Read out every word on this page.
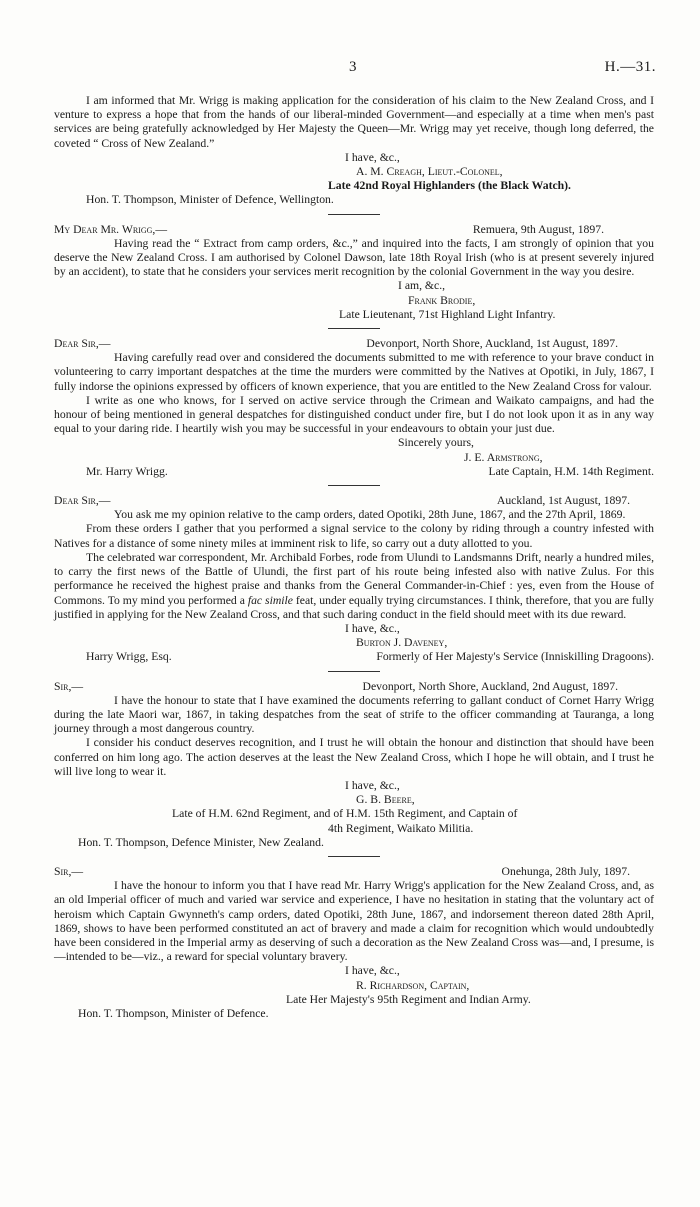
3	H.—31.

I am informed that Mr. Wrigg is making application for the consideration of his claim to the New Zealand Cross, and I venture to express a hope that from the hands of our liberal-minded Government—and especially at a time when men's past services are being gratefully acknowledged by Her Majesty the Queen—Mr. Wrigg may yet receive, though long deferred, the coveted “ Cross of New Zealand.”

I have, &c.,

A. M. Creagh, Lieut.-Colonel,

Late 42nd Royal Highlanders (the Black Watch).

Hon. T. Thompson, Minister of Defence, Wellington.

My Dear Mr. Wrigg,—	Remuera, 9th August, 1897.

Having read the “ Extract from camp orders, &c.,” and inquired into the facts, I am strongly of opinion that you deserve the New Zealand Cross. I am authorised by Colonel Dawson, late 18th Royal Irish (who is at present severely injured by an accident), to state that he considers your services merit recognition by the colonial Government in the way you desire.

I am, &c.,

Frank Brodie,

Late Lieutenant, 71st Highland Light Infantry.

Dear Sir,—	Devonport, North Shore, Auckland, 1st August, 1897.

Having carefully read over and considered the documents submitted to me with reference to your brave conduct in volunteering to carry important despatches at the time the murders were committed by the Natives at Opotiki, in July, 1867, I fully indorse the opinions expressed by officers of known experience, that you are entitled to the New Zealand Cross for valour.

I write as one who knows, for I served on active service through the Crimean and Waikato campaigns, and had the honour of being mentioned in general despatches for distinguished conduct under fire, but I do not look upon it as in any way equal to your daring ride. I heartily wish you may be successful in your endeavours to obtain your just due.

Sincerely yours,

J. E. Armstrong,

Mr. Harry Wrigg.	Late Captain, H.M. 14th Regiment.
Dear Sir,—	Auckland, 1st August, 1897.

You ask me my opinion relative to the camp orders, dated Opotiki, 28th June, 1867, and the 27th April, 1869.

From these orders I gather that you performed a signal service to the colony by riding through a country infested with Natives for a distance of some ninety miles at imminent risk to life, so carry out a duty allotted to you.

The celebrated war correspondent, Mr. Archibald Forbes, rode from Ulundi to Landsmanns Drift, nearly a hundred miles, to carry the first news of the Battle of Ulundi, the first part of his route being infested also with native Zulus. For this performance he received the highest praise and thanks from the General Commander-in-Chief : yes, even from the House of Commons. To my mind you performed a fac simile feat, under equally trying circumstances. I think, therefore, that you are fully justified in applying for the New Zealand Cross, and that such daring conduct in the field should meet with its due reward.

I have, &c.,

Burton J. Daveney,

Harry Wrigg, Esq.	Formerly of Her Majesty's Service (Inniskilling Dragoons).
Sir,—	Devonport, North Shore, Auckland, 2nd August, 1897.

I have the honour to state that I have examined the documents referring to gallant conduct of Cornet Harry Wrigg during the late Maori war, 1867, in taking despatches from the seat of strife to the officer commanding at Tauranga, a long journey through a most dangerous country.

I consider his conduct deserves recognition, and I trust he will obtain the honour and distinction that should have been conferred on him long ago. The action deserves at the least the New Zealand Cross, which I hope he will obtain, and I trust he will live long to wear it.

I have, &c.,

G. B. Beere,

Late of H.M. 62nd Regiment, and of H.M. 15th Regiment, and Captain of

4th Regiment, Waikato Militia.

Hon. T. Thompson, Defence Minister, New Zealand.

Sir,—	Onehunga, 28th July, 1897.

I have the honour to inform you that I have read Mr. Harry Wrigg's application for the New Zealand Cross, and, as an old Imperial officer of much and varied war service and experience, I have no hesitation in stating that the voluntary act of heroism which Captain Gwynneth's camp orders, dated Opotiki, 28th June, 1867, and indorsement thereon dated 28th April, 1869, shows to have been performed constituted an act of bravery and made a claim for recognition which would undoubtedly have been considered in the Imperial army as deserving of such a decoration as the New Zealand Cross was—and, I presume, is—intended to be—viz., a reward for special voluntary bravery.

I have, &c.,

R. Richardson, Captain,

Late Her Majesty's 95th Regiment and Indian Army.

Hon. T. Thompson, Minister of Defence.
